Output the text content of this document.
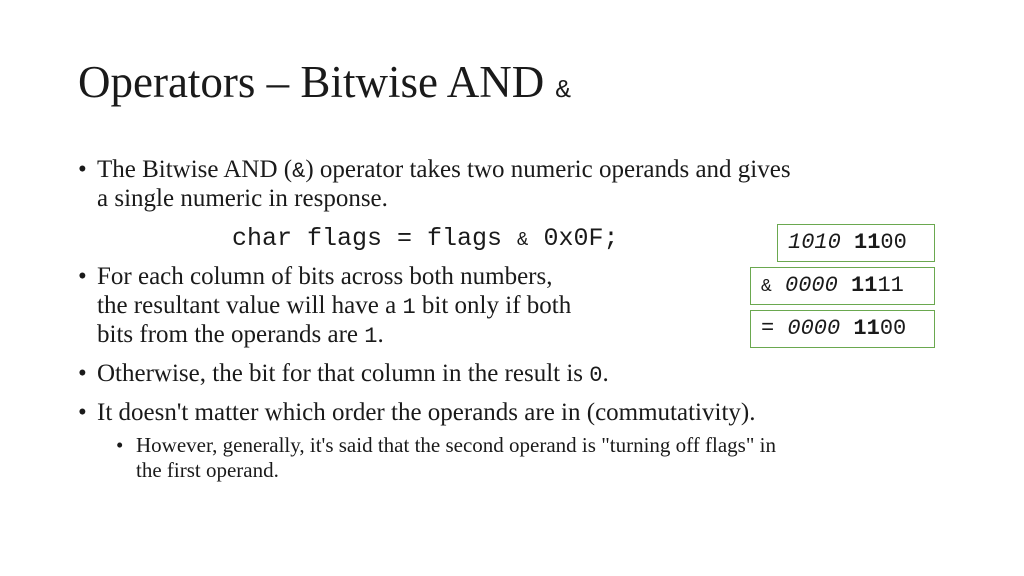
Operators – Bitwise AND &
• The Bitwise AND (&) operator takes two numeric operands and gives
a single numeric in response.
char flags = flags & 0x0F;
• For each column of bits across both numbers,
the resultant value will have a 1 bit only if both
bits from the operands are 1.
• Otherwise, the bit for that column in the result is 0.
• It doesn't matter which order the operands are in (commutativity).
• However, generally, it's said that the second operand is "turning off flags" in
the first operand.
1010 1100
& 0000 1111
= 0000 1100
